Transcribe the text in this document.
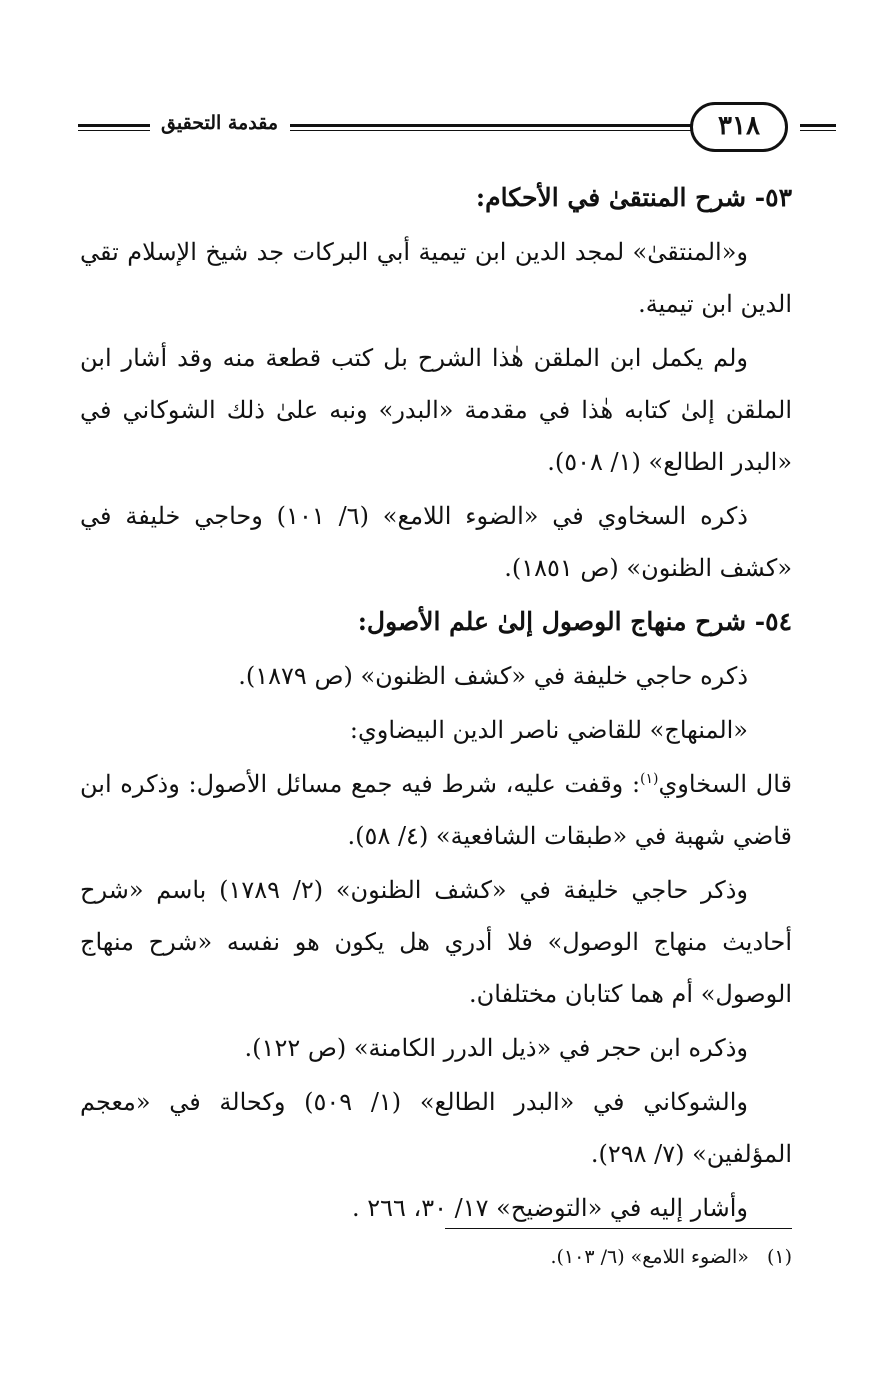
مقدمة التحقيق	٣١٨

٥٣- شرح المنتقىٰ في الأحكام:

و«المنتقىٰ» لمجد الدين ابن تيمية أبي البركات جد شيخ الإسلام تقي الدين ابن تيمية.

ولم يكمل ابن الملقن هٰذا الشرح بل كتب قطعة منه وقد أشار ابن الملقن إلىٰ كتابه هٰذا في مقدمة «البدر» ونبه علىٰ ذلك الشوكاني في «البدر الطالع» (١/ ٥٠٨).

ذكره السخاوي في «الضوء اللامع» (٦/ ١٠١) وحاجي خليفة في «كشف الظنون» (ص ١٨٥١).

٥٤- شرح منهاج الوصول إلىٰ علم الأصول:

ذكره حاجي خليفة في «كشف الظنون» (ص ١٨٧٩).

«المنهاج» للقاضي ناصر الدين البيضاوي:

قال السخاوي$^{(١)}$: وقفت عليه، شرط فيه جمع مسائل الأصول: وذكره ابن قاضي شهبة في «طبقات الشافعية» (٤/ ٥٨).

وذكر حاجي خليفة في «كشف الظنون» (٢/ ١٧٨٩) باسم «شرح أحاديث منهاج الوصول» فلا أدري هل يكون هو نفسه «شرح منهاج الوصول» أم هما كتابان مختلفان.

وذكره ابن حجر في «ذيل الدرر الكامنة» (ص ١٢٢).

والشوكاني في «البدر الطالع» (١/ ٥٠٩) وكحالة في «معجم المؤلفين» (٧/ ٢٩٨).

وأشار إليه في «التوضيح» ١٧/ ٣٠، ٢٦٦ .

(١)«الضوء اللامع» (٦/ ١٠٣).
